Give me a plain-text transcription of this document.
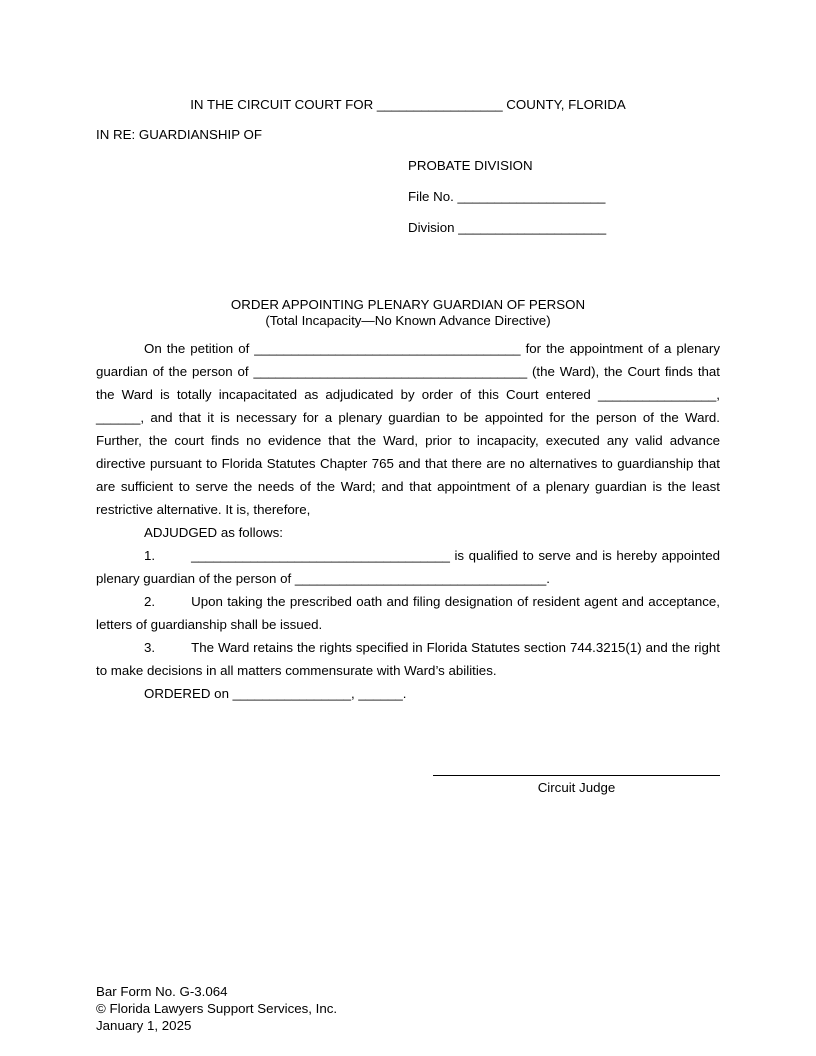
IN THE CIRCUIT COURT FOR _________________ COUNTY, FLORIDA

IN RE: GUARDIANSHIP OF

PROBATE DIVISION

File No. ____________________

Division ____________________

ORDER APPOINTING PLENARY GUARDIAN OF PERSON

(Total Incapacity—No Known Advance Directive)

On the petition of ____________________________________ for the appointment of a plenary guardian of the person of _____________________________________ (the Ward), the Court finds that the Ward is totally incapacitated as adjudicated by order of this Court entered ________________, ______, and that it is necessary for a plenary guardian to be appointed for the person of the Ward. Further, the court finds no evidence that the Ward, prior to incapacity, executed any valid advance directive pursuant to Florida Statutes Chapter 765 and that there are no alternatives to guardianship that are sufficient to serve the needs of the Ward; and that appointment of a plenary guardian is the least restrictive alternative. It is, therefore,

ADJUDGED as follows:

1.	___________________________________ is qualified to serve and is hereby appointed plenary guardian of the person of __________________________________.

2.	Upon taking the prescribed oath and filing designation of resident agent and acceptance, letters of guardianship shall be issued.

3.	The Ward retains the rights specified in Florida Statutes section 744.3215(1) and the right to make decisions in all matters commensurate with Ward’s abilities.

ORDERED on ________________, ______.

Circuit Judge

Bar Form No. G-3.064

© Florida Lawyers Support Services, Inc.

January 1, 2025
